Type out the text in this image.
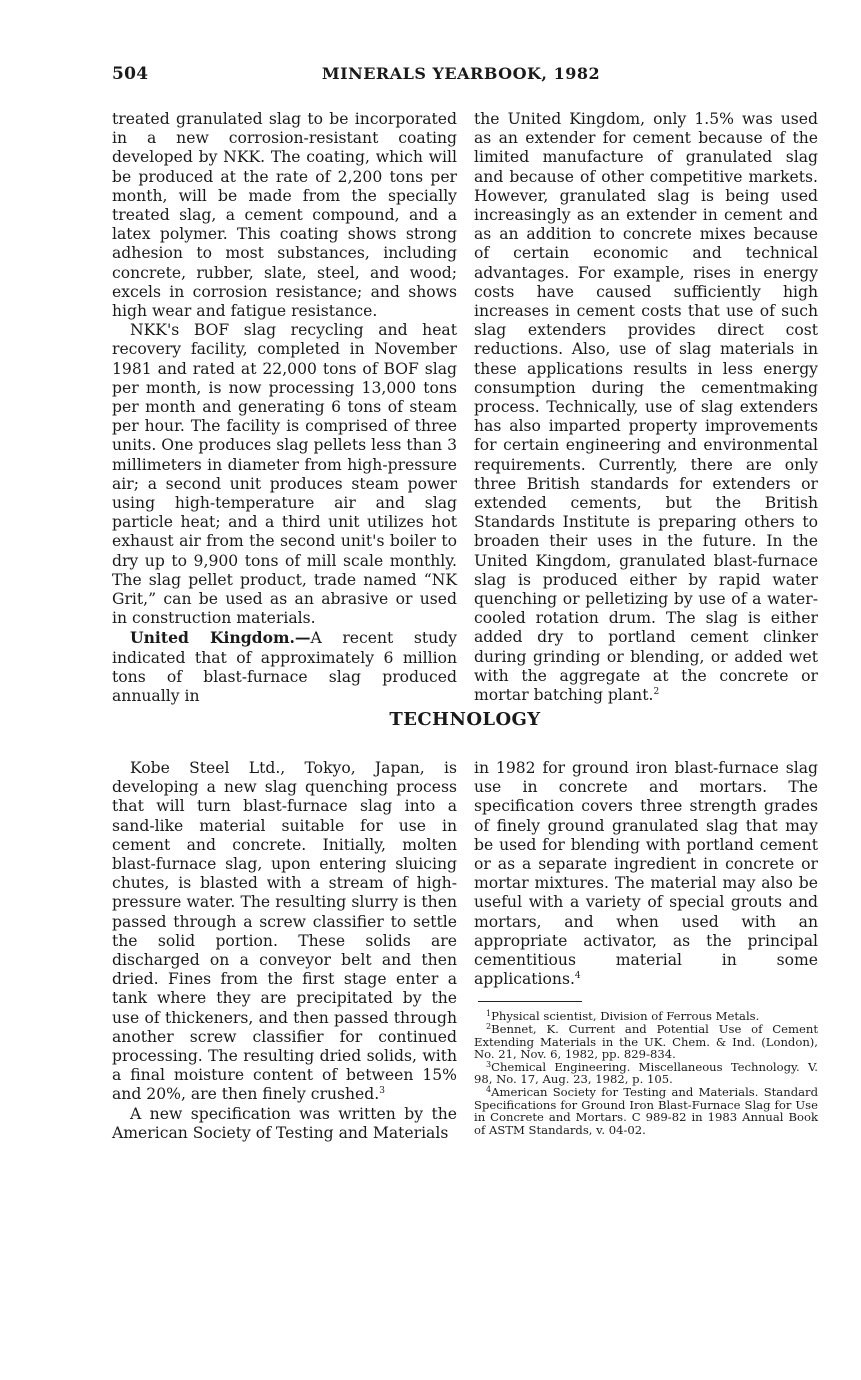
504	MINERALS YEARBOOK, 1982

treated granulated slag to be incorporated in a new corrosion-resistant coating developed by NKK. The coating, which will be produced at the rate of 2,200 tons per month, will be made from the specially treated slag, a cement compound, and a latex polymer. This coating shows strong adhesion to most substances, including concrete, rubber, slate, steel, and wood; excels in corrosion resistance; and shows high wear and fatigue resistance.

NKK's BOF slag recycling and heat recovery facility, completed in November 1981 and rated at 22,000 tons of BOF slag per month, is now processing 13,000 tons per month and generating 6 tons of steam per hour. The facility is comprised of three units. One produces slag pellets less than 3 millimeters in diameter from high-pressure air; a second unit produces steam power using high-temperature air and slag particle heat; and a third unit utilizes hot exhaust air from the second unit's boiler to dry up to 9,900 tons of mill scale monthly. The slag pellet product, trade named “NK Grit,” can be used as an abrasive or used in construction materials.

United Kingdom.—A recent study indicated that of approximately 6 million tons of blast-furnace slag produced annually in

the United Kingdom, only 1.5% was used as an extender for cement because of the limited manufacture of granulated slag and because of other competitive markets. However, granulated slag is being used increasingly as an extender in cement and as an addition to concrete mixes because of certain economic and technical advantages. For example, rises in energy costs have caused sufficiently high increases in cement costs that use of such slag extenders provides direct cost reductions. Also, use of slag materials in these applications results in less energy consumption during the cementmaking process. Technically, use of slag extenders has also imparted property improvements for certain engineering and environmental requirements. Currently, there are only three British standards for extenders or extended cements, but the British Standards Institute is preparing others to broaden their uses in the future. In the United Kingdom, granulated blast-furnace slag is produced either by rapid water quenching or pelletizing by use of a water-cooled rotation drum. The slag is either added dry to portland cement clinker during grinding or blending, or added wet with the aggregate at the concrete or mortar batching plant.$^2$

TECHNOLOGY

Kobe Steel Ltd., Tokyo, Japan, is developing a new slag quenching process that will turn blast-furnace slag into a sand-like material suitable for use in cement and concrete. Initially, molten blast-furnace slag, upon entering sluicing chutes, is blasted with a stream of high-pressure water. The resulting slurry is then passed through a screw classifier to settle the solid portion. These solids are discharged on a conveyor belt and then dried. Fines from the first stage enter a tank where they are precipitated by the use of thickeners, and then passed through another screw classifier for continued processing. The resulting dried solids, with a final moisture content of between 15% and 20%, are then finely crushed.$^3$

A new specification was written by the American Society of Testing and Materials

in 1982 for ground iron blast-furnace slag use in concrete and mortars. The specification covers three strength grades of finely ground granulated slag that may be used for blending with portland cement or as a separate ingredient in concrete or mortar mixtures. The material may also be useful with a variety of special grouts and mortars, and when used with an appropriate activator, as the principal cementitious material in some applications.$^4$

$^1$Physical scientist, Division of Ferrous Metals.

$^2$Bennet, K. Current and Potential Use of Cement Extending Materials in the UK. Chem. & Ind. (London), No. 21, Nov. 6, 1982, pp. 829-834.

$^3$Chemical Engineering. Miscellaneous Technology. V. 98, No. 17, Aug. 23, 1982, p. 105.

$^4$American Society for Testing and Materials. Standard Specifications for Ground Iron Blast-Furnace Slag for Use in Concrete and Mortars. C 989-82 in 1983 Annual Book of ASTM Standards, v. 04-02.
